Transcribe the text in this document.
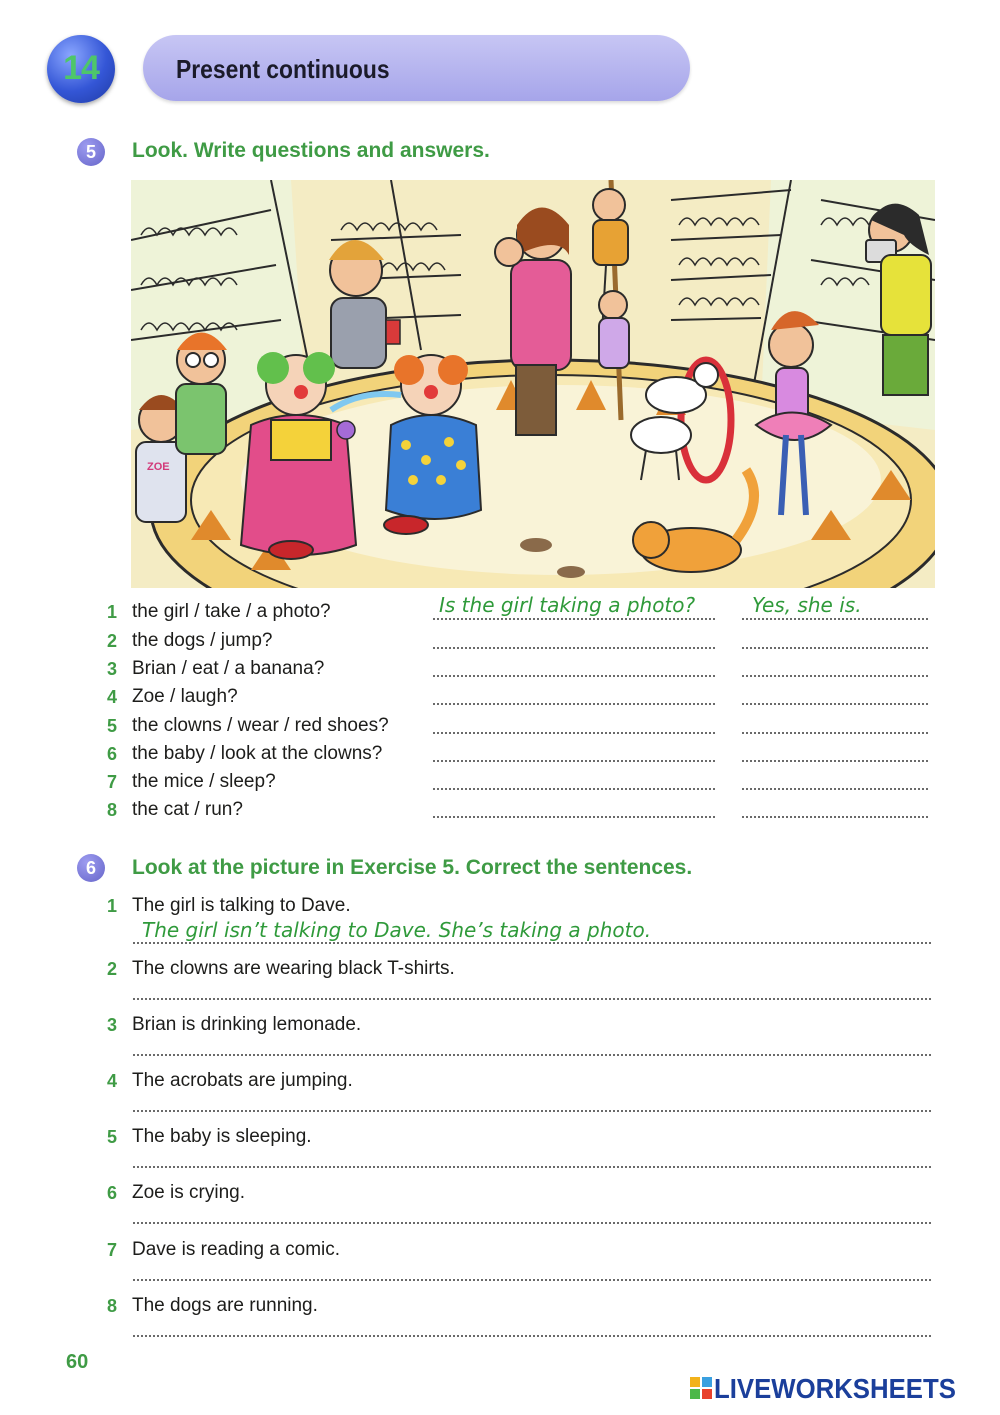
14	Present continuous
5	Look. Write questions and answers.
ZOE
1 the girl / take / a photo?	Is the girl taking a photo?	Yes, she is.
2 the dogs / jump?
3 Brian / eat / a banana?
4 Zoe / laugh?
5 the clowns / wear / red shoes?
6 the baby / look at the clowns?
7 the mice / sleep?
8 the cat / run?
6	Look at the picture in Exercise 5. Correct the sentences.
1 The girl is talking to Dave.
The girl isn’t talking to Dave. She’s taking a photo.
2 The clowns are wearing black T-shirts.
3 Brian is drinking lemonade.
4 The acrobats are jumping.
5 The baby is sleeping.
6 Zoe is crying.
7 Dave is reading a comic.
8 The dogs are running.
60
LIVEWORKSHEETS
